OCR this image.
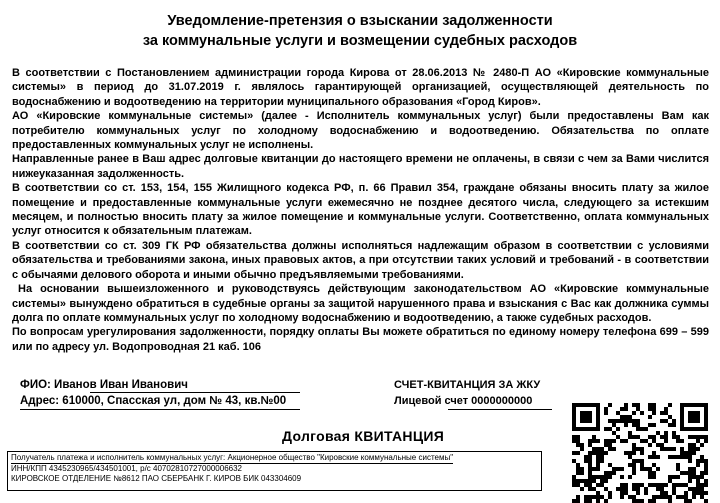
Уведомление-претензия о взыскании задолженности
за коммунальные услуги и возмещении судебных расходов

В соответствии с Постановлением администрации города Кирова от 28.06.2013 № 2480-П АО «Кировские коммунальные системы» в период до 31.07.2019 г. являлось гарантирующей организацией, осуществляющей деятельность по водоснабжению и водоотведению на территории муниципального образования «Город Киров».

АО «Кировские коммунальные системы» (далее - Исполнитель коммунальных услуг) были предоставлены Вам как потребителю коммунальных услуг по холодному водоснабжению и водоотведению. Обязательства по оплате предоставленных коммунальных услуг не исполнены.

Направленные ранее в Ваш адрес долговые квитанции до настоящего времени не оплачены, в связи с чем за Вами числится нижеуказанная задолженность.

В соответствии со ст. 153, 154, 155 Жилищного кодекса РФ, п. 66 Правил 354, граждане обязаны вносить плату за жилое помещение и предоставленные коммунальные услуги ежемесячно не позднее десятого числа, следующего за истекшим месяцем, и полностью вносить плату за жилое помещение и коммунальные услуги. Соответственно, оплата коммунальных услуг относится к обязательным платежам.

В соответствии со ст. 309 ГК РФ обязательства должны исполняться надлежащим образом в соответствии с условиями обязательства и требованиями закона, иных правовых актов, а при отсутствии таких условий и требований - в соответствии с обычаями делового оборота и иными обычно предъявляемыми требованиями.

На основании вышеизложенного и руководствуясь действующим законодательством АО «Кировские коммунальные системы» вынуждено обратиться в судебные органы за защитой нарушенного права и взыскания с Вас как должника суммы долга по оплате коммунальных услуг по холодному водоснабжению и водоотведению, а также судебных расходов.

По вопросам урегулирования задолженности, порядку оплаты Вы можете обратиться по единому номеру телефона 699 – 599 или по адресу ул. Водопроводная 21 каб. 106

ФИО: Иванов Иван Иванович
Адрес: 610000, Спасская ул, дом № 43, кв.№00
СЧЕТ-КВИТАНЦИЯ ЗА ЖКУ
Лицевой счет 0000000000
Долговая КВИТАНЦИЯ
Получатель платежа и исполнитель коммунальных услуг: Акционерное общество "Кировские коммунальные системы"
ИНН/КПП 4345230965/434501001, р/с 40702810727000006632
КИРОВСКОЕ ОТДЕЛЕНИЕ №8612 ПАО СБЕРБАНК Г. КИРОВ БИК 043304609
